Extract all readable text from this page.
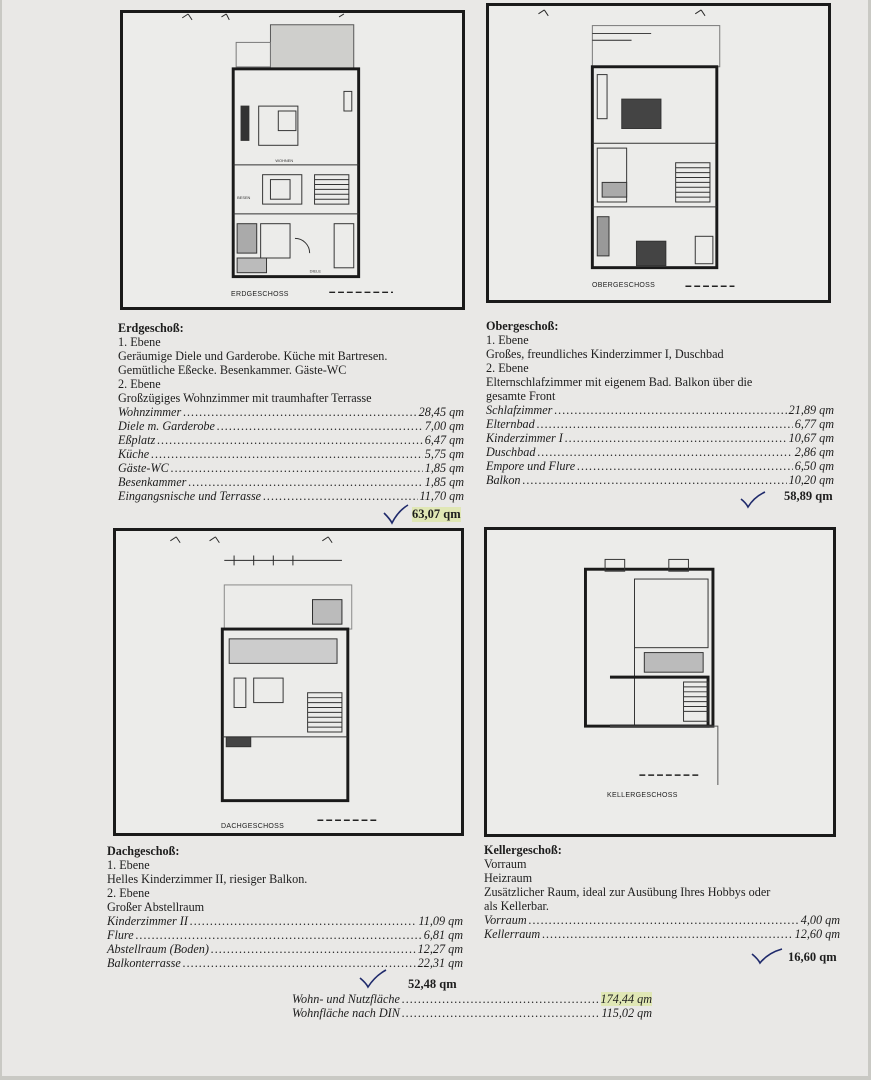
WOHNEN
BESEN
DIELE
ERDGESCHOSS
OBERGESCHOSS
DACHGESCHOSS
KELLERGESCHOSS
Erdgeschoß:
1. Ebene
Geräumige Diele und Garderobe. Küche mit Bartresen.
Gemütliche Eßecke. Besenkammer. Gäste-WC
2. Ebene
Großzügiges Wohnzimmer mit traumhafter Terrasse
Wohnzimmer .....	28,45 qm
Diele m. Garderobe .....	7,00 qm
Eßplatz .....	6,47 qm
Küche .....	5,75 qm
Gäste-WC .....	1,85 qm
Besenkammer .....	1,85 qm
Eingangsnische und Terrasse .....	11,70 qm
63,07 qm
Obergeschoß:
1. Ebene
Großes, freundliches Kinderzimmer I, Duschbad
2. Ebene
Elternschlafzimmer mit eigenem Bad. Balkon über die
gesamte Front
Schlafzimmer .....	21,89 qm
Elternbad .....	6,77 qm
Kinderzimmer I .....	10,67 qm
Duschbad .....	2,86 qm
Empore und Flure .....	6,50 qm
Balkon .....	10,20 qm
58,89 qm
Dachgeschoß:
1. Ebene
Helles Kinderzimmer II, riesiger Balkon.
2. Ebene
Großer Abstellraum
Kinderzimmer II .....	11,09 qm
Flure .....	6,81 qm
Abstellraum (Boden) .....	12,27 qm
Balkonterrasse .....	22,31 qm
52,48 qm
Kellergeschoß:
Vorraum
Heizraum
Zusätzlicher Raum, ideal zur Ausübung Ihres Hobbys oder
als Kellerbar.
Vorraum .....	4,00 qm
Kellerraum .....	12,60 qm
16,60 qm
Wohn- und Nutzfläche .....	174,44 qm
Wohnfläche nach DIN .....	115,02 qm
